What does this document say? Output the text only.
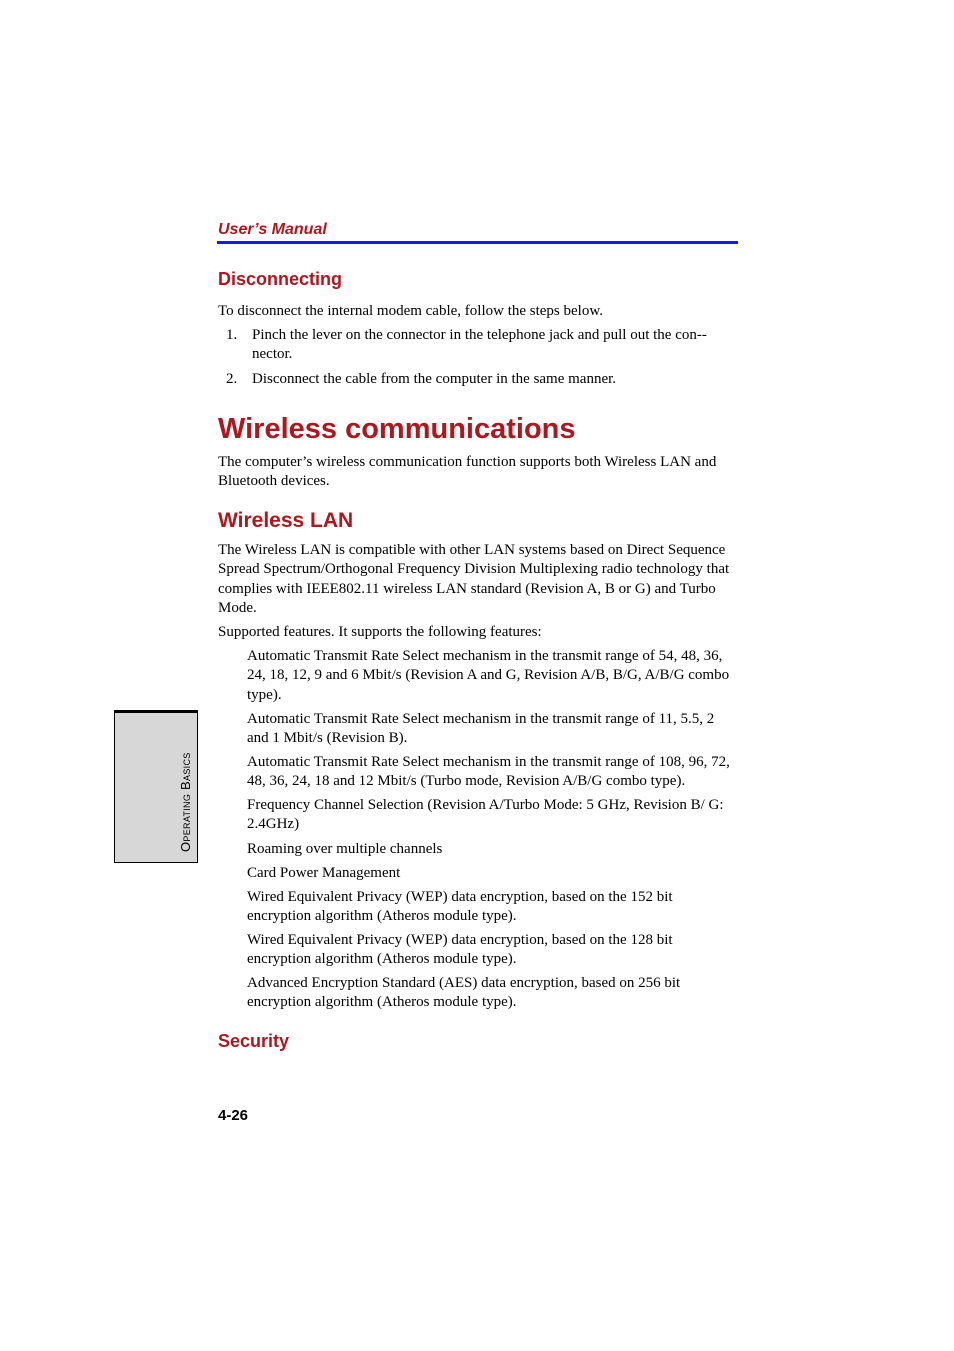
User’s Manual
Disconnecting

To disconnect the internal modem cable, follow the steps below.

1. Pinch the lever on the connector in the telephone jack and pull out the con-nector.
2. Disconnect the cable from the computer in the same manner.
Wireless communications

The computer’s wireless communication function supports both Wireless LAN and Bluetooth devices.

Wireless LAN

The Wireless LAN is compatible with other LAN systems based on Direct Sequence Spread Spectrum/Orthogonal Frequency Division Multiplexing radio technology that complies with IEEE802.11 wireless LAN standard (Revision A, B or G) and Turbo Mode.

Supported features. It supports the following features:

Automatic Transmit Rate Select mechanism in the transmit range of 54, 48, 36, 24, 18, 12, 9 and 6 Mbit/s (Revision A and G, Revision A/B, B/G, A/B/G combo type).

Automatic Transmit Rate Select mechanism in the transmit range of 11, 5.5, 2 and 1 Mbit/s (Revision B).

Automatic Transmit Rate Select mechanism in the transmit range of 108, 96, 72, 48, 36, 24, 18 and 12 Mbit/s (Turbo mode, Revision A/B/G combo type).

Frequency Channel Selection (Revision A/Turbo Mode: 5 GHz, Revision B/ G: 2.4GHz)

Roaming over multiple channels

Card Power Management

Wired Equivalent Privacy (WEP) data encryption, based on the 152 bit encryption algorithm (Atheros module type).

Wired Equivalent Privacy (WEP) data encryption, based on the 128 bit encryption algorithm (Atheros module type).

Advanced Encryption Standard (AES) data encryption, based on 256 bit encryption algorithm (Atheros module type).

Security
Operating Basics
4-26
